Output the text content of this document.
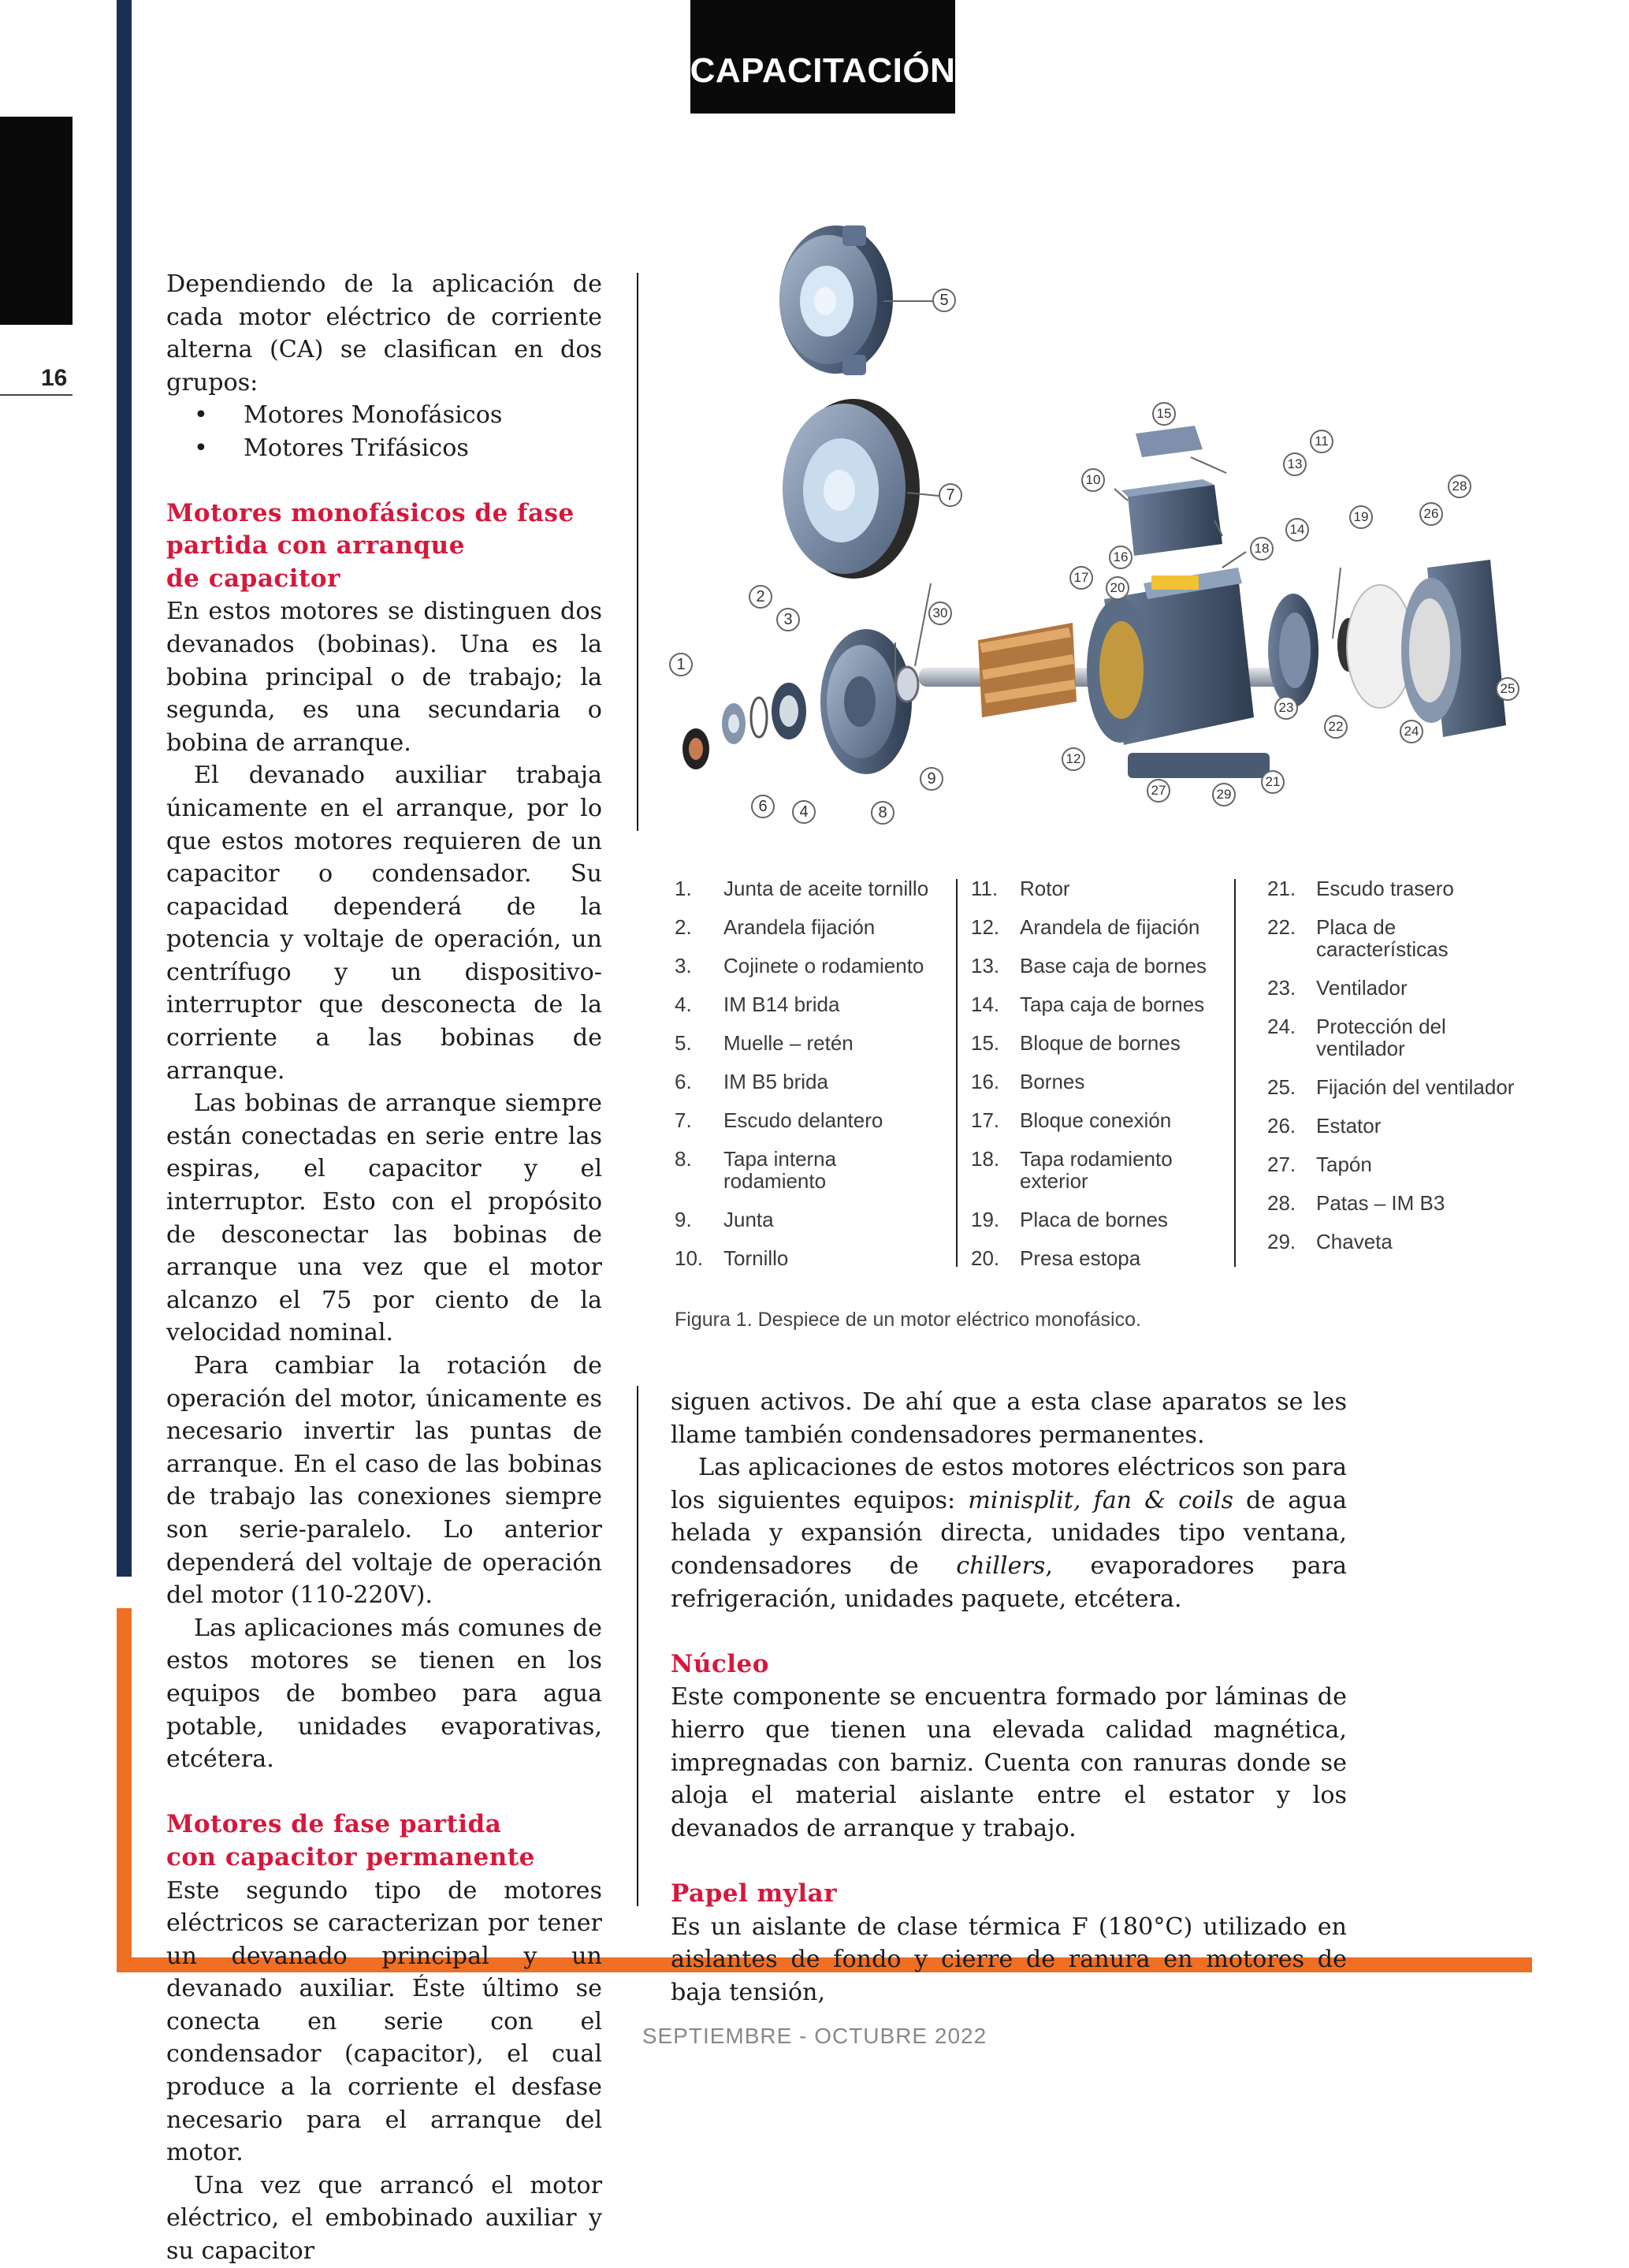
CAPACITACIÓN
16

Dependiendo de la aplicación de cada motor eléctrico de corriente alterna (CA) se clasifican en dos grupos:

• Motores Monofásicos
• Motores Trifásicos
Motores monofásicos de fase
partida con arranque
de capacitor

En estos motores se distinguen dos devanados (bobinas). Una es la bobina principal o de trabajo; la segunda, es una secundaria o bobina de arranque.

El devanado auxiliar trabaja únicamente en el arranque, por lo que estos motores requieren de un capacitor o condensador. Su capacidad dependerá de la potencia y voltaje de operación, un centrífugo y un dispositivo-interruptor que desconecta de la corriente a las bobinas de arranque.

Las bobinas de arranque siempre están conectadas en serie entre las espiras, el capacitor y el interruptor. Esto con el propósito de desconectar las bobinas de arranque una vez que el motor alcanzo el 75 por ciento de la velocidad nominal.

Para cambiar la rotación de operación del motor, únicamente es necesario invertir las puntas de arranque. En el caso de las bobinas de trabajo las conexiones siempre son serie-paralelo. Lo anterior dependerá del voltaje de operación del motor (110-220V).

Las aplicaciones más comunes de estos motores se tienen en los equipos de bombeo para agua potable, unidades evaporativas, etcétera.

Motores de fase partida
con capacitor permanente

Este segundo tipo de motores eléctricos se caracterizan por tener un devanado principal y un devanado auxiliar. Éste último se conecta en serie con el condensador (capacitor), el cual produce a la corriente el desfase necesario para el arranque del motor.

Una vez que arrancó el motor eléctrico, el embobinado auxiliar y su capacitor

1
2
3
4
5
6
7
8
9
10
11
12
13
14
15
16
17
18
19
20
21
22
23
24
25
26
27
28
29
30
1. Junta de aceite tornillo
2. Arandela fijación
3. Cojinete o rodamiento
4. IM B14 brida
5. Muelle – retén
6. IM B5 brida
7. Escudo delantero
8. Tapa interna rodamiento
9. Junta
10. Tornillo
11. Rotor
12. Arandela de fijación
13. Base caja de bornes
14. Tapa caja de bornes
15. Bloque de bornes
16. Bornes
17. Bloque conexión
18. Tapa rodamiento exterior
19. Placa de bornes
20. Presa estopa
21. Escudo trasero
22. Placa de características
23. Ventilador
24. Protección del ventilador
25. Fijación del ventilador
26. Estator
27. Tapón
28. Patas – IM B3
29. Chaveta
Figura 1. Despiece de un motor eléctrico monofásico.

siguen activos. De ahí que a esta clase aparatos se les llame también condensadores permanentes.

Las aplicaciones de estos motores eléctricos son para los siguientes equipos: minisplit, fan & coils de agua helada y expansión directa, unidades tipo ventana, condensadores de chillers, evaporadores para refrigeración, unidades paquete, etcétera.

Núcleo

Este componente se encuentra formado por láminas de hierro que tienen una elevada calidad magnética, impregnadas con barniz. Cuenta con ranuras donde se aloja el material aislante entre el estator y los devanados de arranque y trabajo.

Papel mylar

Es un aislante de clase térmica F (180°C) utilizado en aislantes de fondo y cierre de ranura en motores de baja tensión,

SEPTIEMBRE - OCTUBRE 2022
